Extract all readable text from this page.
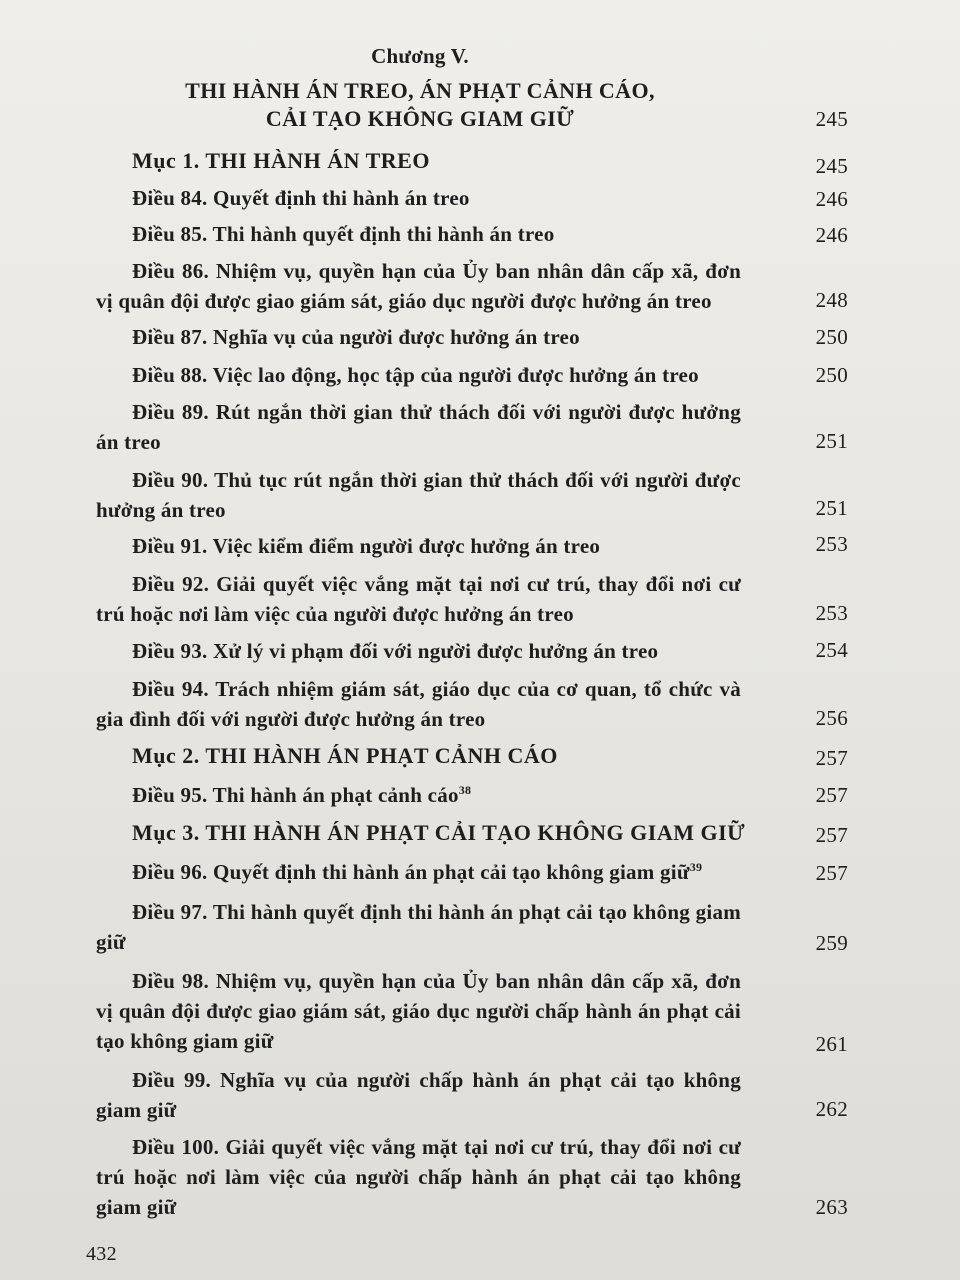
Chương V.
THI HÀNH ÁN TREO, ÁN PHẠT CẢNH CÁO,
CẢI TẠO KHÔNG GIAM GIỮ	245
Mục 1. THI HÀNH ÁN TREO	245
Điều 84. Quyết định thi hành án treo	246
Điều 85. Thi hành quyết định thi hành án treo	246
Điều 86. Nhiệm vụ, quyền hạn của Ủy ban nhân dân cấp xã, đơn vị quân đội được giao giám sát, giáo dục người được hưởng án treo	248
Điều 87. Nghĩa vụ của người được hưởng án treo	250
Điều 88. Việc lao động, học tập của người được hưởng án treo	250
Điều 89. Rút ngắn thời gian thử thách đối với người được hưởng án treo	251
Điều 90. Thủ tục rút ngắn thời gian thử thách đối với người được hưởng án treo	251
Điều 91. Việc kiểm điểm người được hưởng án treo	253
Điều 92. Giải quyết việc vắng mặt tại nơi cư trú, thay đổi nơi cư trú hoặc nơi làm việc của người được hưởng án treo	253
Điều 93. Xử lý vi phạm đối với người được hưởng án treo	254
Điều 94. Trách nhiệm giám sát, giáo dục của cơ quan, tổ chức và gia đình đối với người được hưởng án treo	256
Mục 2. THI HÀNH ÁN PHẠT CẢNH CÁO	257
Điều 95. Thi hành án phạt cảnh cáo$^{38}$	257
Mục 3. THI HÀNH ÁN PHẠT CẢI TẠO KHÔNG GIAM GIỮ	257
Điều 96. Quyết định thi hành án phạt cải tạo không giam giữ$^{39}$	257
Điều 97. Thi hành quyết định thi hành án phạt cải tạo không giam giữ	259
Điều 98. Nhiệm vụ, quyền hạn của Ủy ban nhân dân cấp xã, đơn vị quân đội được giao giám sát, giáo dục người chấp hành án phạt cải tạo không giam giữ	261
Điều 99. Nghĩa vụ của người chấp hành án phạt cải tạo không giam giữ	262
Điều 100. Giải quyết việc vắng mặt tại nơi cư trú, thay đổi nơi cư trú hoặc nơi làm việc của người chấp hành án phạt cải tạo không giam giữ	263
432
